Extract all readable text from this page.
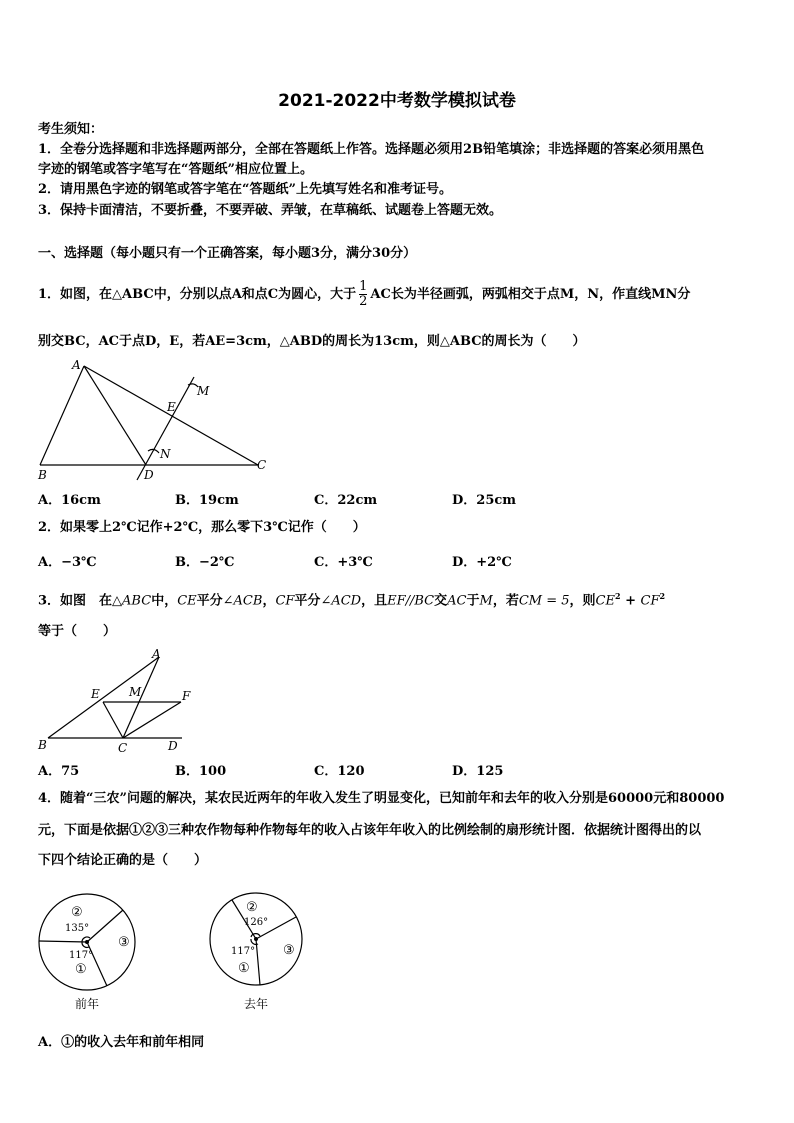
2021-2022中考数学模拟试卷
考生须知：
1．全卷分选择题和非选择题两部分，全部在答题纸上作答。选择题必须用2B铅笔填涂；非选择题的答案必须用黑色
字迹的钢笔或答字笔写在“答题纸”相应位置上。
2．请用黑色字迹的钢笔或答字笔在“答题纸”上先填写姓名和准考证号。
3．保持卡面清洁，不要折叠，不要弄破、弄皱，在草稿纸、试题卷上答题无效。
一、选择题（每小题只有一个正确答案，每小题3分，满分30分）
1．如图，在△ABC中，分别以点A和点C为圆心，大于 $\frac{1}{2}$ AC长为半径画弧，两弧相交于点M，N，作直线MN分
别交BC，AC于点D，E，若AE=3cm，△ABD的周长为13cm，则△ABC的周长为（　　）
A
B
C
D
E
M
N
A．16cm	B．19cm	C．22cm	D．25cm
2．如果零上2℃记作+2℃，那么零下3℃记作（　　）
A．−3℃	B．−2℃	C．+3℃	D．+2℃
3．如图　在△ABC中，CE平分∠ACB，CF平分∠ACD，且EF//BC交AC于M，若CM = 5，则$CE^2 + CF^2$
等于（　　）
A
B	C	D
E	F
M
A．75	B．100	C．120	D．125
4．随着“三农”问题的解决，某农民近两年的年收入发生了明显变化，已知前年和去年的收入分别是60000元和80000
元，下面是依据①②③三种农作物每种作物每年的收入占该年年收入的比例绘制的扇形统计图．依据统计图得出的以
下四个结论正确的是（　　）
②
135°
③
117°
①
前年
②
126°
③
117°
①
去年
A．①的收入去年和前年相同
